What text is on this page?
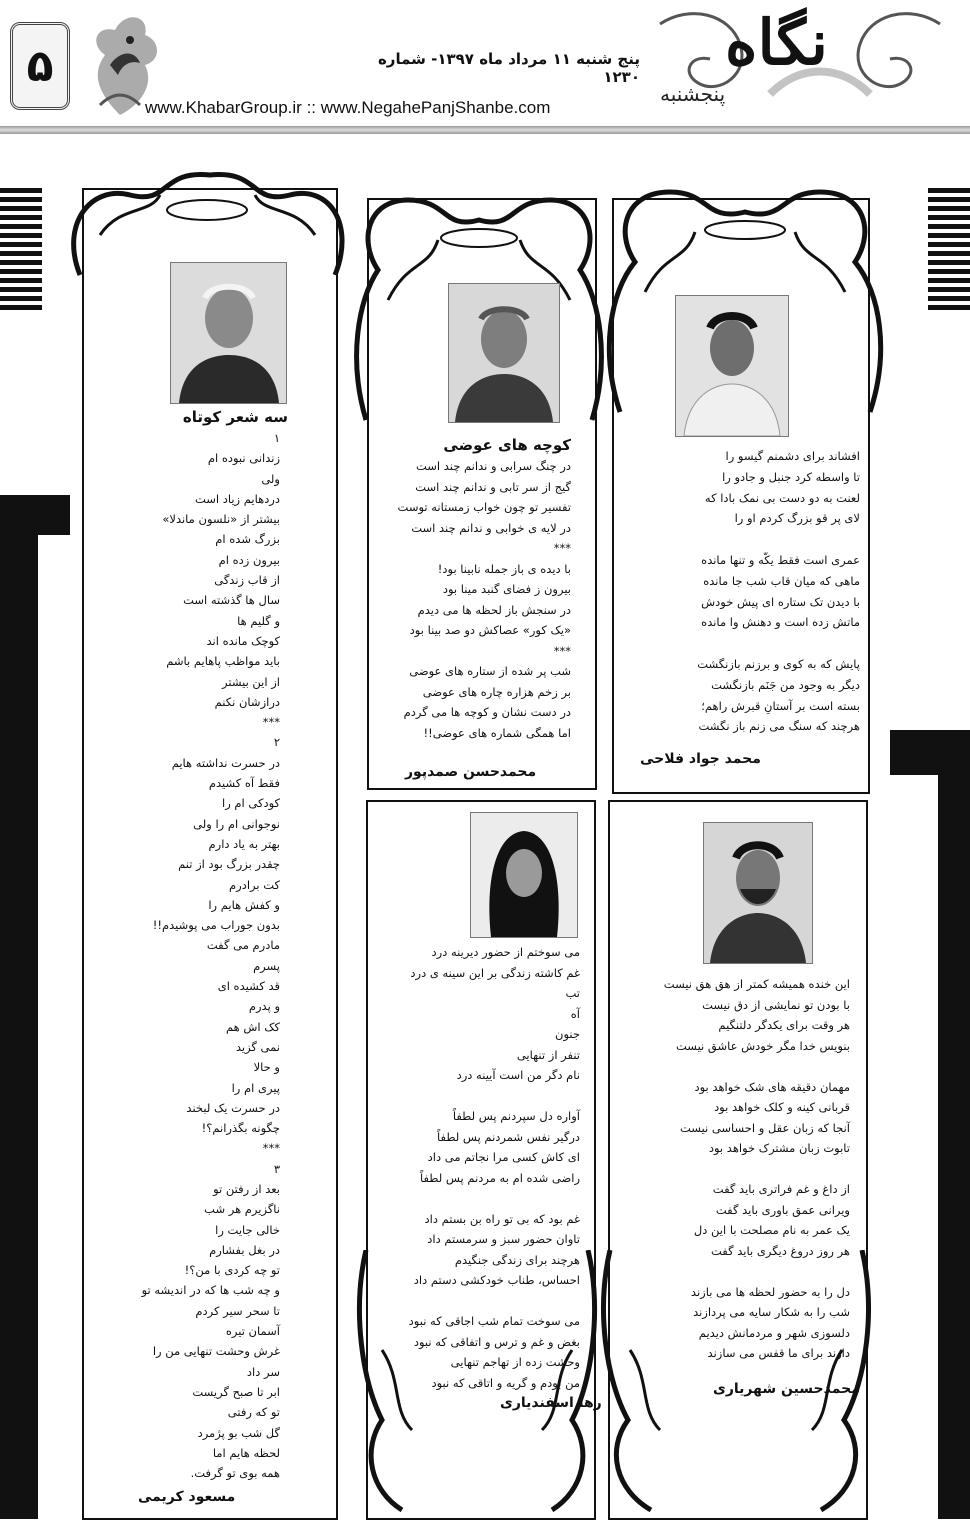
۵	پنج شنبه ۱۱ مرداد ماه ۱۳۹۷- شماره ۱۲۳۰ نگاه
پنجشنبه
www.KhabarGroup.ir :: www.NegahePanjShanbe.com
سه شعر کوتاه
۱
زندانی نبوده ام
ولی
دردهایم زیاد است
بیشتر از «نلسون ماندلا»
بزرگ شده ام
بیرون زده ام
از قاب زندگی
سال ها گذشته است
و گلیم ها
کوچک مانده اند
باید مواظب پاهایم باشم
از این بیشتر
درازشان نکنم
***
۲
در حسرت نداشته هایم
فقط آه کشیدم
کودکی ام را
نوجوانی ام را ولی
بهتر به یاد دارم
چقدر بزرگ بود از تنم
کت برادرم
و کفش هایم را
بدون جوراب می پوشیدم!!
مادرم می گفت
پسرم
قد کشیده ای
و پدرم
کک اش هم
نمی گزید
و حالا
پیری ام را
در حسرت یک لبخند
چگونه بگذرانم؟!
***
۳
بعد از رفتن تو
ناگزیرم هر شب
خالی جایت را
در بغل بفشارم
تو چه کردی با من؟!
و چه شب ها که در اندیشه تو
تا سحر سیر کردم
آسمان تیره
غرش وحشت تنهایی من را
سر داد
ابر تا صبح گریست
تو که رفتی
گل شب بو پژمرد
لحظه هایم اما
همه بوی تو گرفت.
مسعود کریمی
کوچه های عوضی
در چنگ سرابی و ندانم چند است
گیج از سر تابی و ندانم چند است
تفسیر تو چون خواب زمستانه توست
در لایه ی خوابی و ندانم چند است
***
با دیده ی باز جمله نابینا بود!
بیرون ز فضای گنبد مینا بود
در سنجش باز لحظه ها می دیدم
«یک کور» عصاکش دو صد بینا بود
***
شب پر شده از ستاره های عوضی
بر زخم هزاره چاره های عوضی
در دست نشان و کوچه ها می گردم
اما همگی شماره های عوضی!!
محمدحسن صمدپور
افشاند برای دشمنم گیسو را
تا واسطه کرد جنبل و جادو را
لعنت به دو دست بی نمک بادا که
لای پر قو بزرگ کردم او را
عمری است فقط یکّه و تنها مانده
ماهی که میان قاب شب جا مانده
با دیدن تک ستاره ای پیش خودش
ماتش زده است و دهنش وا مانده
پایش که به کوی و برزنم بازنگشت
دیگر به وجود من جَنَم بازنگشت
بسته است بر آستانِ قبرش راهم؛
هرچند که سنگ می زنم باز نگشت
محمد جواد فلاحی
می سوختم از حضور دیرینه درد
غم کاشته زندگی بر این سینه ی درد
تب
آه
جنون
تنفر از تنهایی
نام دگر من است آیینه درد
آواره دل سپردنم پس لطفاً
درگیر نفس شمردنم پس لطفاً
ای کاش کسی مرا نجاتم می داد
راضی شده ام به مردنم پس لطفاً
غم بود که بی تو راه بن بستم داد
تاوان حضور سبز و سرمستم داد
هرچند برای زندگی جنگیدم
احساس، طناب خودکشی دستم داد
می سوخت تمام شب اجاقی که نبود
بغض و غم و ترس و اتفاقی که نبود
وحشت زده از تهاجم تنهایی
من بودم و گریه و اتاقی که نبود
رها اسفندیاری
این خنده همیشه کمتر از هق هق نیست
با بودن تو نمایشی از دق نیست
هر وقت برای یکدگر دلتنگیم
بنویس خدا مگر خودش عاشق نیست
مهمان دقیقه های شک خواهد بود
قربانی کینه و کلک خواهد بود
آنجا که زبان عقل و احساسی نیست
تابوت زبان مشترک خواهد بود
از داغ و غم فراتری باید گفت
ویرانی عمق باوری باید گفت
یک عمر به نام مصلحت با این دل
هر روز دروغ دیگری باید گفت
دل را به حضور لحظه ها می بازند
شب را به شکار سایه می پردازند
دلسوزی شهر و مردمانش دیدیم
دارند برای ما قفس می سازند
محمدحسین شهریاری
